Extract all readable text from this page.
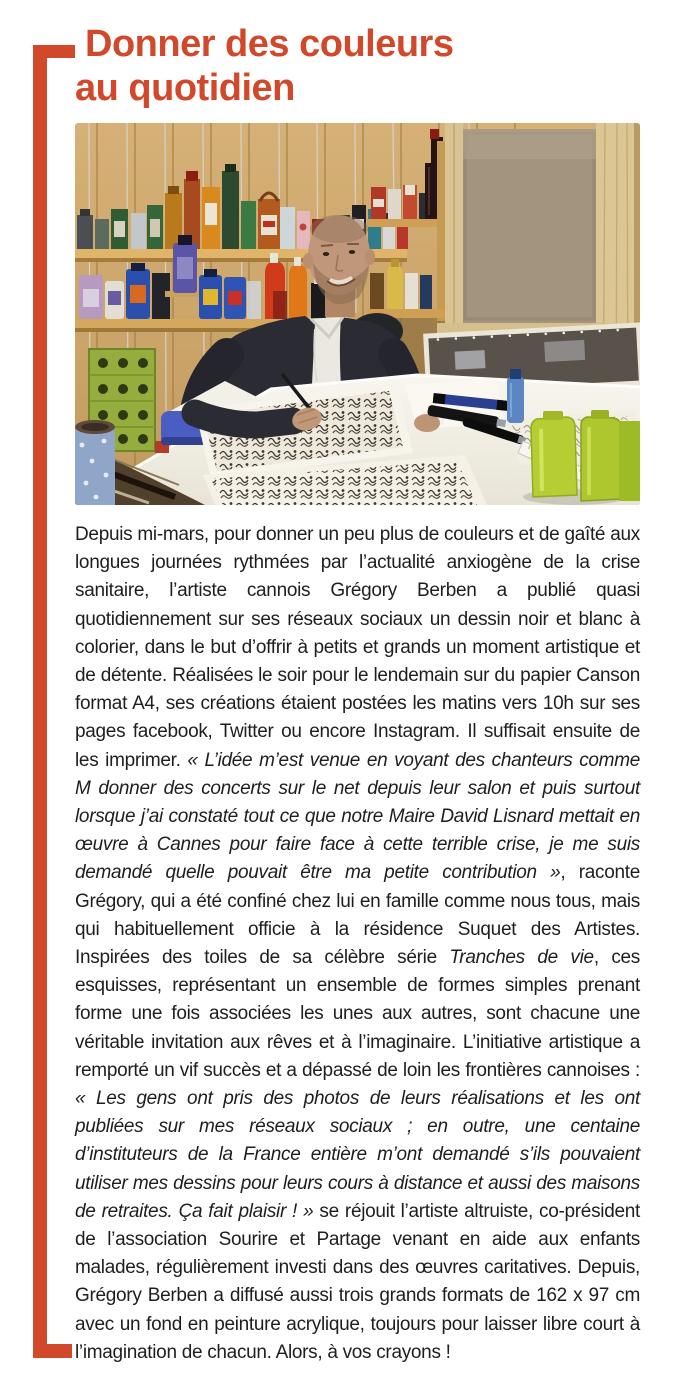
Donner des couleurs
au quotidien

Depuis mi-mars, pour donner un peu plus de couleurs et de gaîté aux longues journées rythmées par l’actualité anxiogène de la crise sanitaire, l’artiste cannois Grégory Berben a publié quasi quotidiennement sur ses réseaux sociaux un dessin noir et blanc à colorier, dans le but d’offrir à petits et grands un moment artistique et de détente. Réalisées le soir pour le lendemain sur du papier Canson format A4, ses créations étaient postées les matins vers 10h sur ses pages facebook, Twitter ou encore Instagram. Il suffisait ensuite de les imprimer. « L’idée m’est venue en voyant des chanteurs comme M donner des concerts sur le net depuis leur salon et puis surtout lorsque j’ai constaté tout ce que notre Maire David Lisnard mettait en œuvre à Cannes pour faire face à cette terrible crise, je me suis demandé quelle pouvait être ma petite contribution », raconte Grégory, qui a été confiné chez lui en famille comme nous tous, mais qui habituellement officie à la résidence Suquet des Artistes. Inspirées des toiles de sa célèbre série Tranches de vie, ces esquisses, représentant un ensemble de formes simples prenant forme une fois associées les unes aux autres, sont chacune une véritable invitation aux rêves et à l’imaginaire. L’initiative artistique a remporté un vif succès et a dépassé de loin les frontières cannoises : « Les gens ont pris des photos de leurs réalisations et les ont publiées sur mes réseaux sociaux ; en outre, une centaine d’instituteurs de la France entière m’ont demandé s’ils pouvaient utiliser mes dessins pour leurs cours à distance et aussi des maisons de retraites. Ça fait plaisir ! » se réjouit l’artiste altruiste, co-président de l’association Sourire et Partage venant en aide aux enfants malades, régulièrement investi dans des œuvres caritatives. Depuis, Grégory Berben a diffusé aussi trois grands formats de 162 x 97 cm avec un fond en peinture acrylique, toujours pour laisser libre court à l’imagination de chacun. Alors, à vos crayons !
